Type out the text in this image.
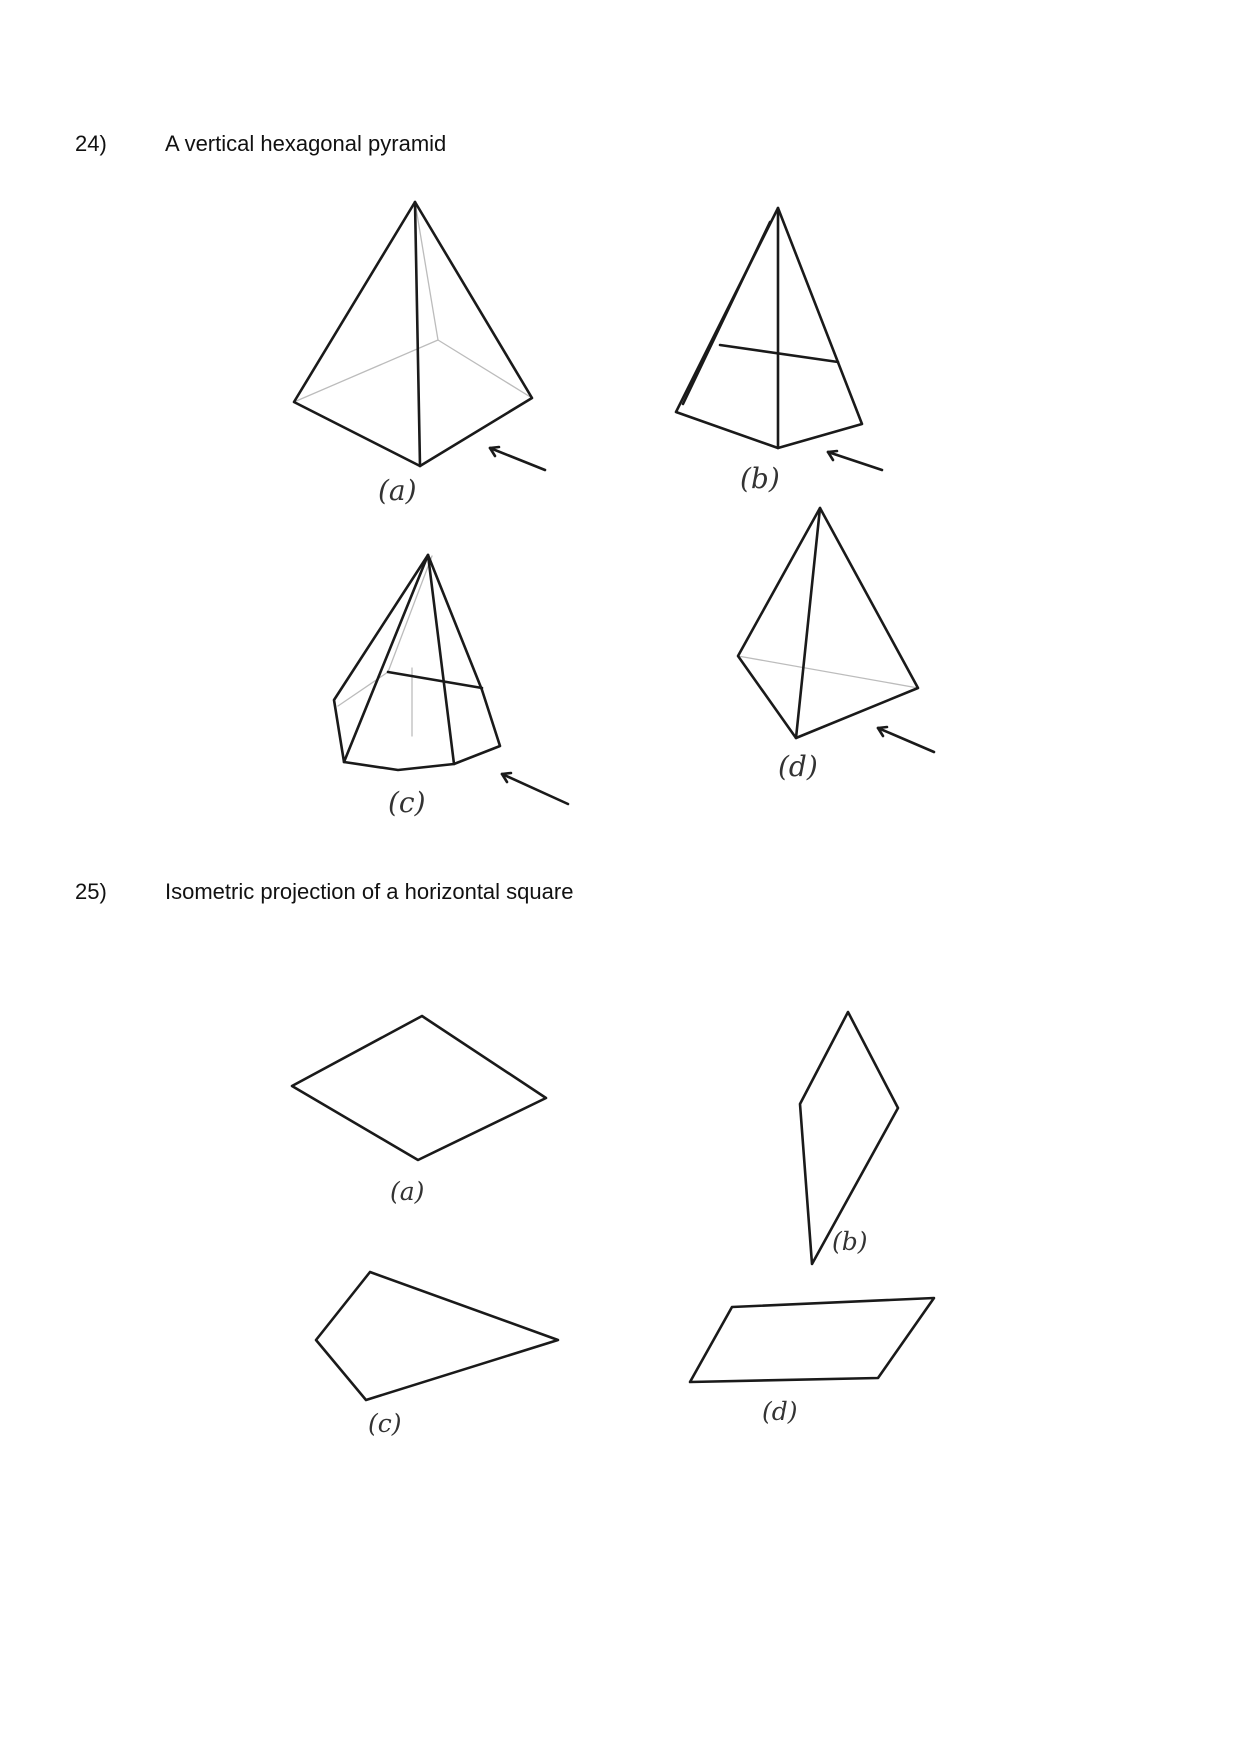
24)	A vertical hexagonal pyramid
25)	Isometric projection of a horizontal square
(a)	(b)
(c)
(d)
(a)
(b)
(c)	(d)
